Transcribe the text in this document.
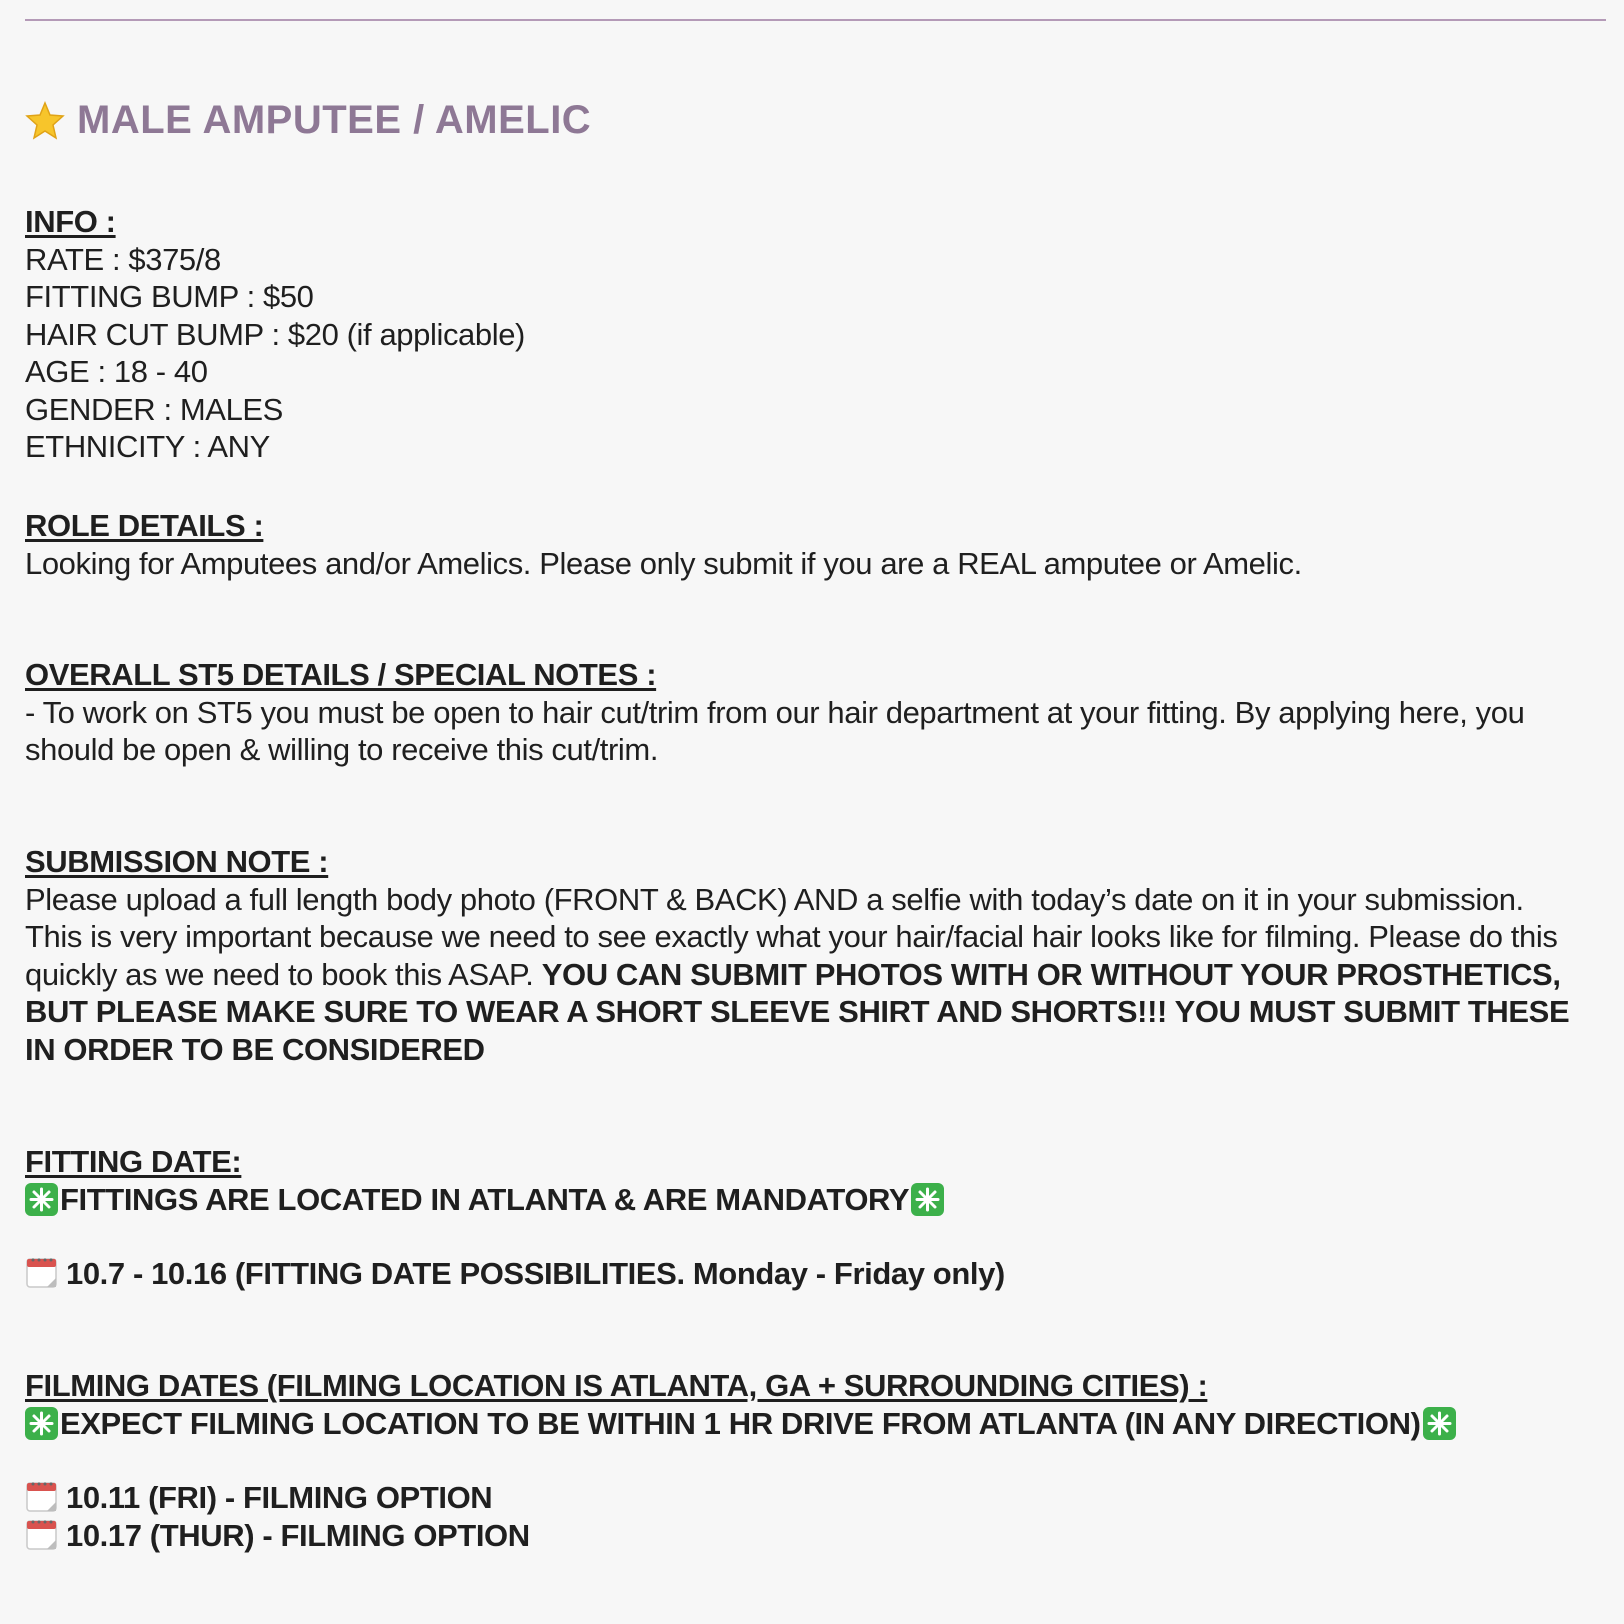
MALE AMPUTEE / AMELIC
INFO :
RATE : $375/8
FITTING BUMP : $50
HAIR CUT BUMP : $20 (if applicable)
AGE : 18 - 40
GENDER : MALES
ETHNICITY : ANY
ROLE DETAILS :
Looking for Amputees and/or Amelics. Please only submit if you are a REAL amputee or Amelic.
OVERALL ST5 DETAILS / SPECIAL NOTES :
- To work on ST5 you must be open to hair cut/trim from our hair department at your fitting. By applying here, you should be open & willing to receive this cut/trim.
SUBMISSION NOTE :
Please upload a full length body photo (FRONT & BACK) AND a selfie with today’s date on it in your submission. This is very important because we need to see exactly what your hair/facial hair looks like for filming. Please do this quickly as we need to book this ASAP. YOU CAN SUBMIT PHOTOS WITH OR WITHOUT YOUR PROSTHETICS, BUT PLEASE MAKE SURE TO WEAR A SHORT SLEEVE SHIRT AND SHORTS!!! YOU MUST SUBMIT THESE IN ORDER TO BE CONSIDERED
FITTING DATE:
FITTINGS ARE LOCATED IN ATLANTA & ARE MANDATORY
10.7 - 10.16 (FITTING DATE POSSIBILITIES. Monday - Friday only)
FILMING DATES (FILMING LOCATION IS ATLANTA, GA + SURROUNDING CITIES) :
EXPECT FILMING LOCATION TO BE WITHIN 1 HR DRIVE FROM ATLANTA (IN ANY DIRECTION)
10.11 (FRI) - FILMING OPTION
10.17 (THUR) - FILMING OPTION
